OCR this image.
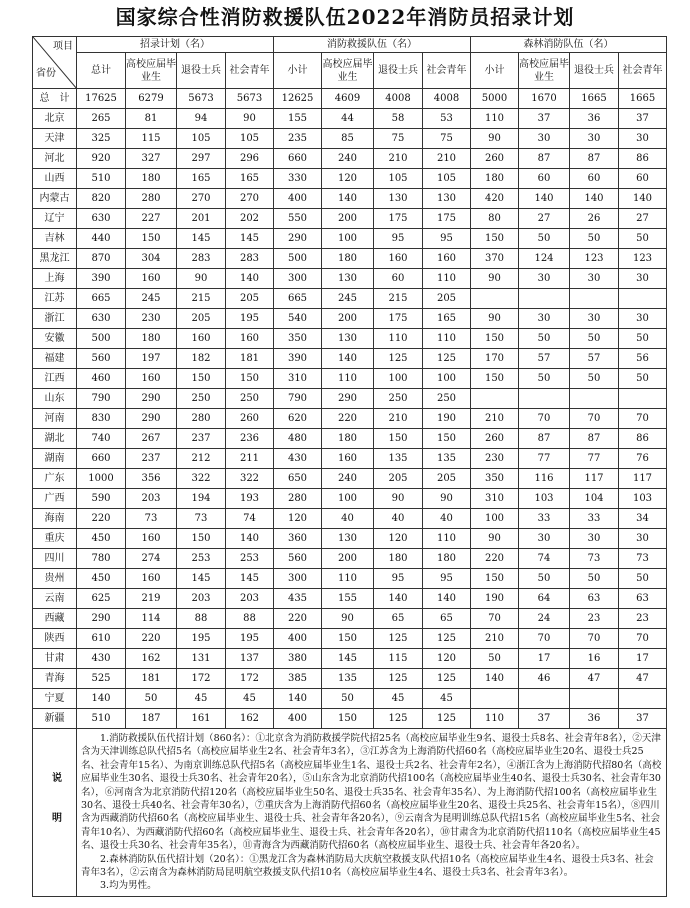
国家综合性消防救援队伍2022年消防员招录计划
项目
省份	招录计划（名）				消防救援队伍（名）				森林消防队伍（名）			

	总计	高校应届毕业生	退役士兵	社会青年	小计	高校应届毕业生	退役士兵	社会青年	小计	高校应届毕业生	退役士兵	社会青年

总　计	17625	6279	5673	5673	12625	4609	4008	4008	5000	1670	1665	1665
北京	265	81	94	90	155	44	58	53	110	37	36	37
天津	325	115	105	105	235	85	75	75	90	30	30	30
河北	920	327	297	296	660	240	210	210	260	87	87	86
山西	510	180	165	165	330	120	105	105	180	60	60	60
内蒙古	820	280	270	270	400	140	130	130	420	140	140	140
辽宁	630	227	201	202	550	200	175	175	80	27	26	27
吉林	440	150	145	145	290	100	95	95	150	50	50	50
黑龙江	870	304	283	283	500	180	160	160	370	124	123	123
上海	390	160	90	140	300	130	60	110	90	30	30	30
江苏	665	245	215	205	665	245	215	205				
浙江	630	230	205	195	540	200	175	165	90	30	30	30
安徽	500	180	160	160	350	130	110	110	150	50	50	50
福建	560	197	182	181	390	140	125	125	170	57	57	56
江西	460	160	150	150	310	110	100	100	150	50	50	50
山东	790	290	250	250	790	290	250	250				
河南	830	290	280	260	620	220	210	190	210	70	70	70
湖北	740	267	237	236	480	180	150	150	260	87	87	86
湖南	660	237	212	211	430	160	135	135	230	77	77	76
广东	1000	356	322	322	650	240	205	205	350	116	117	117
广西	590	203	194	193	280	100	90	90	310	103	104	103
海南	220	73	73	74	120	40	40	40	100	33	33	34
重庆	450	160	150	140	360	130	120	110	90	30	30	30
四川	780	274	253	253	560	200	180	180	220	74	73	73
贵州	450	160	145	145	300	110	95	95	150	50	50	50
云南	625	219	203	203	435	155	140	140	190	64	63	63
西藏	290	114	88	88	220	90	65	65	70	24	23	23
陕西	610	220	195	195	400	150	125	125	210	70	70	70
甘肃	430	162	131	137	380	145	115	120	50	17	16	17
青海	525	181	172	172	385	135	125	125	140	46	47	47
宁夏	140	50	45	45	140	50	45	45				
新疆	510	187	161	162	400	150	125	125	110	37	36	37

说明	1.消防救援队伍代招计划（860名）：①北京含为消防救援学院代招25名（高校应届毕业生9名、退役士兵8名、社会青年8名），②天津含为天津训练总队代招5名（高校应届毕业生2名、社会青年3名），③江苏含为上海消防代招60名（高校应届毕业生20名、退役士兵25名、社会青年15名）、为南京训练总队代招5名（高校应届毕业生1名、退役士兵2名、社会青年2名），④浙江含为上海消防代招80名（高校应届毕业生30名、退役士兵30名、社会青年20名），⑤山东含为北京消防代招100名（高校应届毕业生40名、退役士兵30名、社会青年30名），⑥河南含为北京消防代招120名（高校应届毕业生50名、退役士兵35名、社会青年35名）、为上海消防代招100名（高校应届毕业生30名、退役士兵40名、社会青年30名），⑦重庆含为上海消防代招60名（高校应届毕业生20名、退役士兵25名、社会青年15名），⑧四川含为西藏消防代招60名（高校应届毕业生、退役士兵、社会青年各20名），⑨云南含为昆明训练总队代招15名（高校应届毕业生5名、社会青年10名）、为西藏消防代招60名（高校应届毕业生、退役士兵、社会青年各20名），⑩甘肃含为北京消防代招110名（高校应届毕业生45名、退役士兵30名、社会青年35名），⑪青海含为西藏消防代招60名（高校应届毕业生、退役士兵、社会青年各20名）。

2.森林消防队伍代招计划（20名）：①黑龙江含为森林消防局大庆航空救援支队代招10名（高校应届毕业生4名、退役士兵3名、社会青年3名），②云南含为森林消防局昆明航空救援支队代招10名（高校应届毕业生4名、退役士兵3名、社会青年3名）。

3.均为男性。											
